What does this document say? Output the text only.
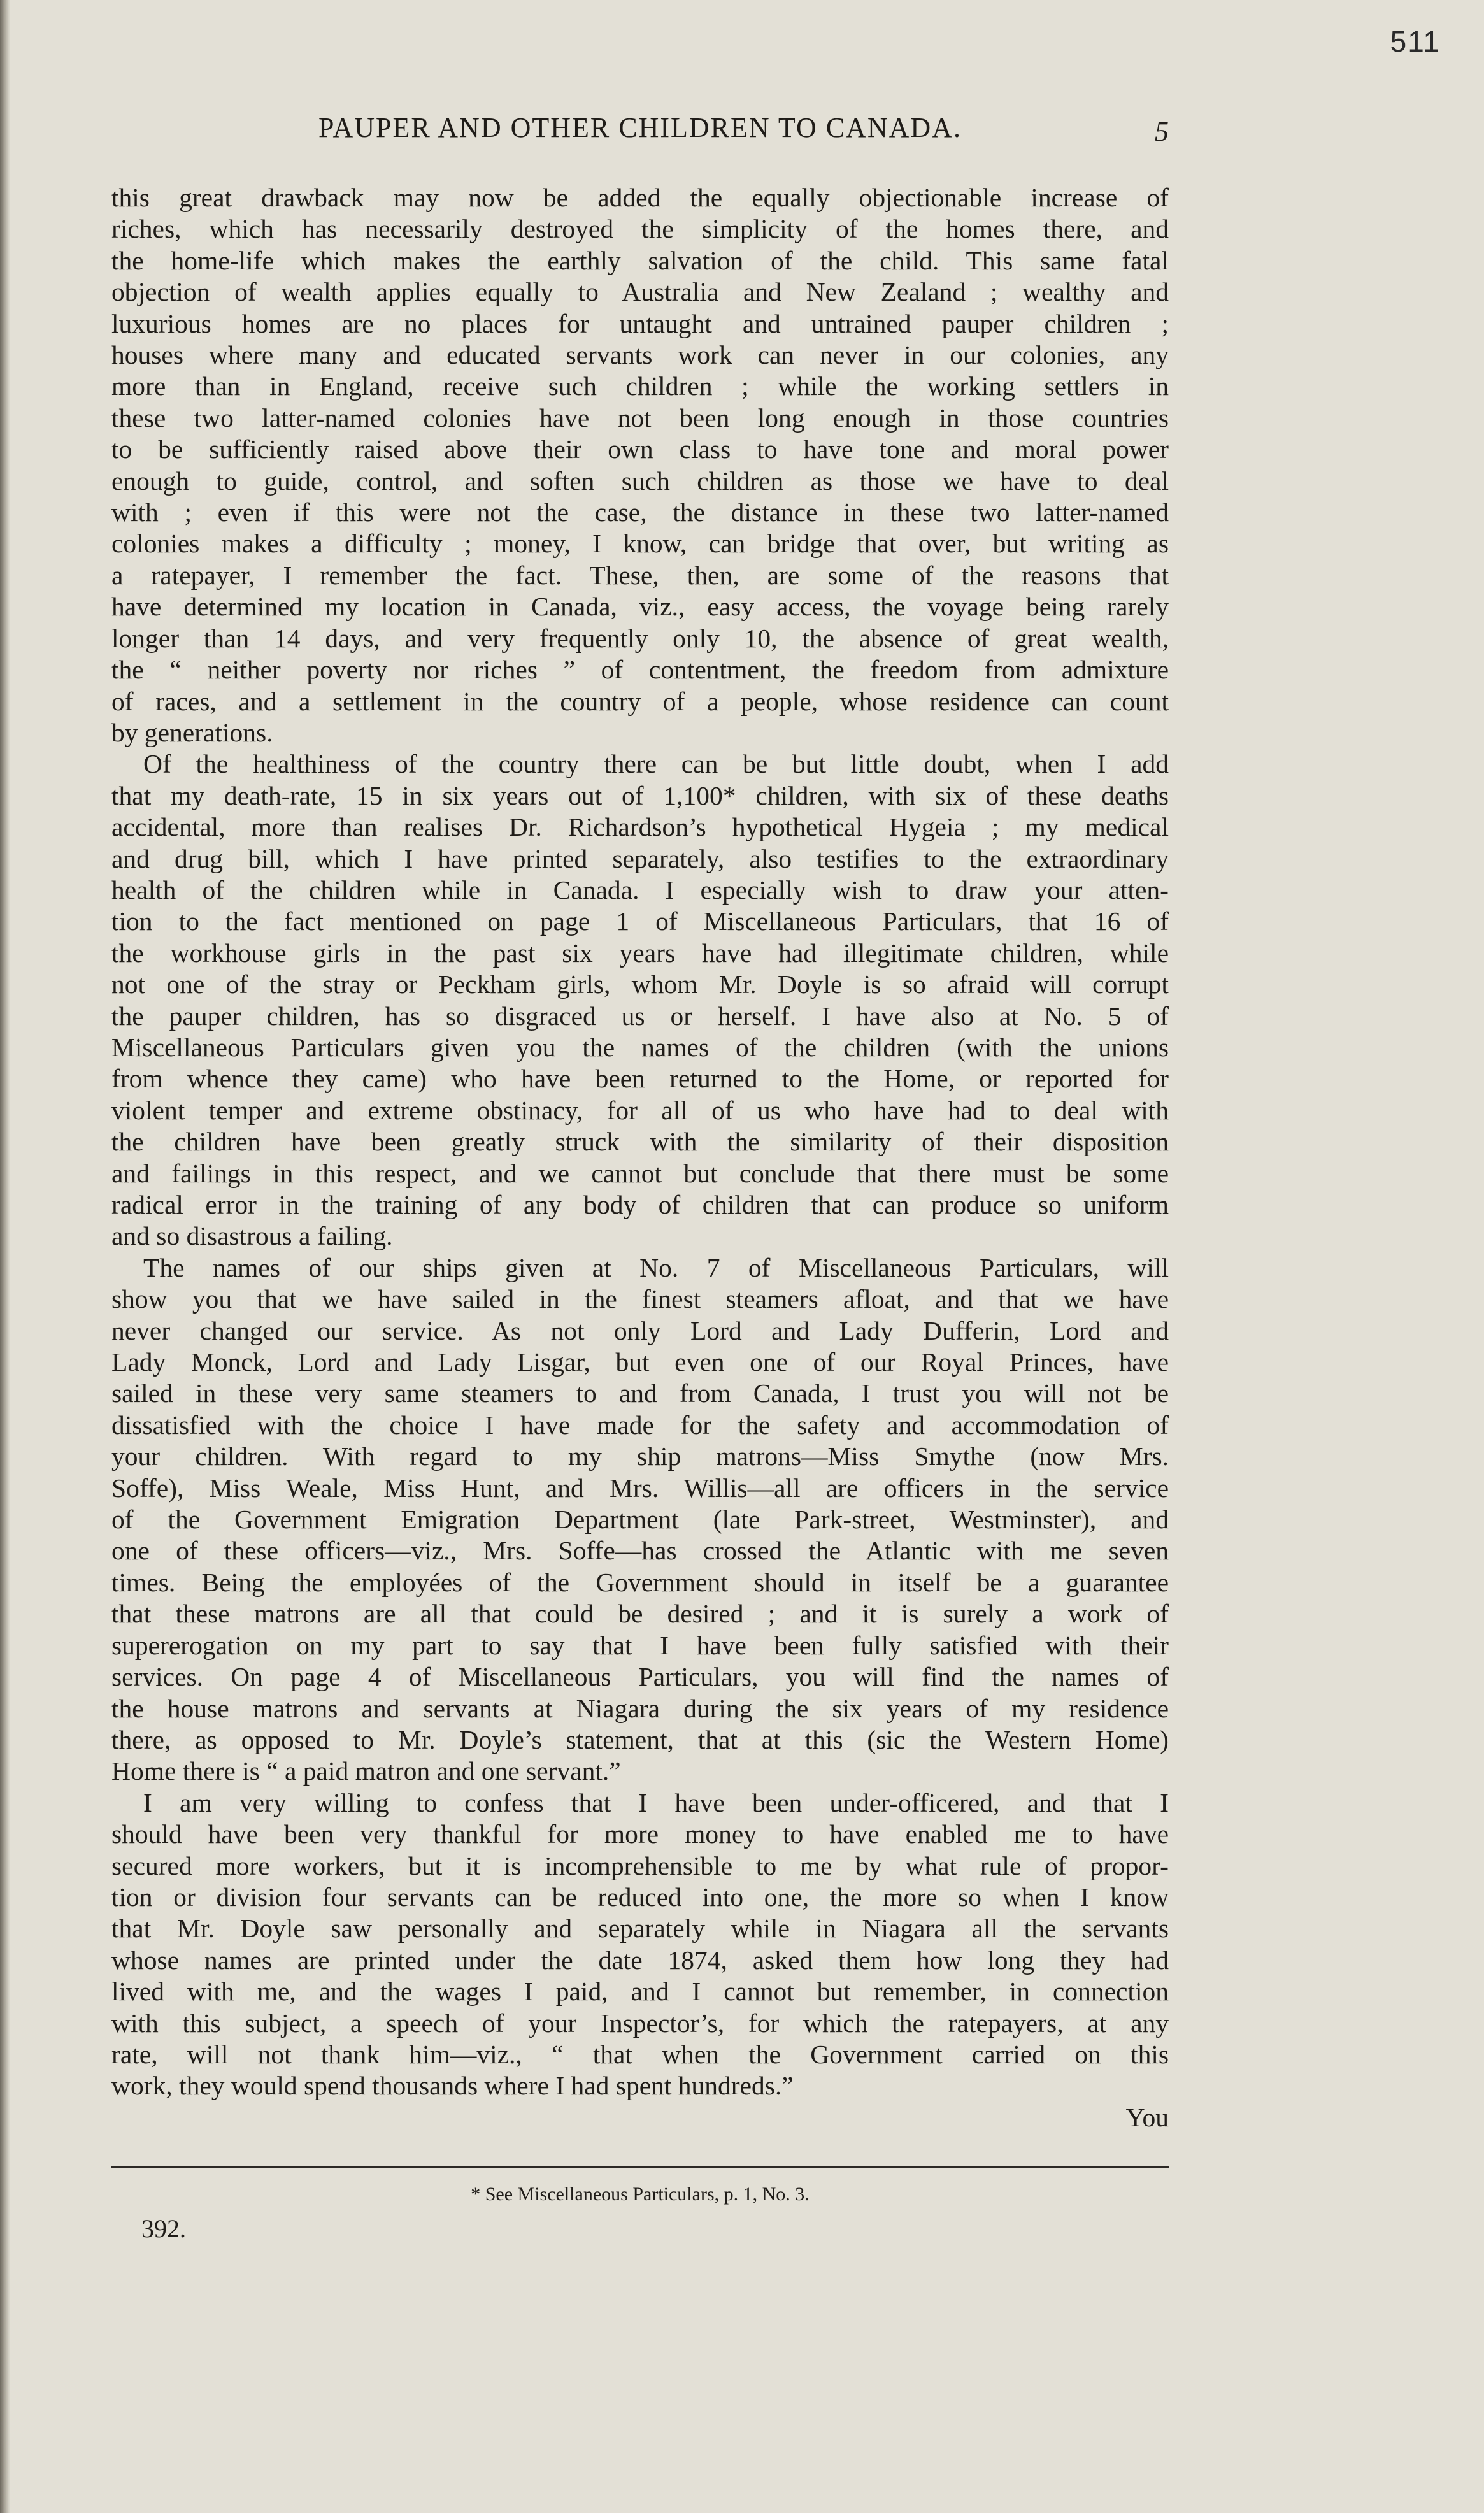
511
PAUPER AND OTHER CHILDREN TO CANADA.	5
this great drawback may now be added the equally objectionable increase of
riches, which has necessarily destroyed the simplicity of the homes there, and
the home-life which makes the earthly salvation of the child. This same fatal
objection of wealth applies equally to Australia and New Zealand ; wealthy and
luxurious homes are no places for untaught and untrained pauper children ;
houses where many and educated servants work can never in our colonies, any
more than in England, receive such children ; while the working settlers in
these two latter-named colonies have not been long enough in those countries
to be sufficiently raised above their own class to have tone and moral power
enough to guide, control, and soften such children as those we have to deal
with ; even if this were not the case, the distance in these two latter-named
colonies makes a difficulty ; money, I know, can bridge that over, but writing as
a ratepayer, I remember the fact. These, then, are some of the reasons that
have determined my location in Canada, viz., easy access, the voyage being rarely
longer than 14 days, and very frequently only 10, the absence of great wealth,
the “ neither poverty nor riches ” of contentment, the freedom from admixture
of races, and a settlement in the country of a people, whose residence can count
by generations.
Of the healthiness of the country there can be but little doubt, when I add
that my death-rate, 15 in six years out of 1,100* children, with six of these deaths
accidental, more than realises Dr. Richardson’s hypothetical Hygeia ; my medical
and drug bill, which I have printed separately, also testifies to the extraordinary
health of the children while in Canada. I especially wish to draw your atten-
tion to the fact mentioned on page 1 of Miscellaneous Particulars, that 16 of
the workhouse girls in the past six years have had illegitimate children, while
not one of the stray or Peckham girls, whom Mr. Doyle is so afraid will corrupt
the pauper children, has so disgraced us or herself. I have also at No. 5 of
Miscellaneous Particulars given you the names of the children (with the unions
from whence they came) who have been returned to the Home, or reported for
violent temper and extreme obstinacy, for all of us who have had to deal with
the children have been greatly struck with the similarity of their disposition
and failings in this respect, and we cannot but conclude that there must be some
radical error in the training of any body of children that can produce so uniform
and so disastrous a failing.
The names of our ships given at No. 7 of Miscellaneous Particulars, will
show you that we have sailed in the finest steamers afloat, and that we have
never changed our service. As not only Lord and Lady Dufferin, Lord and
Lady Monck, Lord and Lady Lisgar, but even one of our Royal Princes, have
sailed in these very same steamers to and from Canada, I trust you will not be
dissatisfied with the choice I have made for the safety and accommodation of
your children. With regard to my ship matrons—Miss Smythe (now Mrs.
Soffe), Miss Weale, Miss Hunt, and Mrs. Willis—all are officers in the service
of the Government Emigration Department (late Park-street, Westminster), and
one of these officers—viz., Mrs. Soffe—has crossed the Atlantic with me seven
times. Being the employées of the Government should in itself be a guarantee
that these matrons are all that could be desired ; and it is surely a work of
supererogation on my part to say that I have been fully satisfied with their
services. On page 4 of Miscellaneous Particulars, you will find the names of
the house matrons and servants at Niagara during the six years of my residence
there, as opposed to Mr. Doyle’s statement, that at this (sic the Western Home)
Home there is “ a paid matron and one servant.”
I am very willing to confess that I have been under-officered, and that I
should have been very thankful for more money to have enabled me to have
secured more workers, but it is incomprehensible to me by what rule of propor-
tion or division four servants can be reduced into one, the more so when I know
that Mr. Doyle saw personally and separately while in Niagara all the servants
whose names are printed under the date 1874, asked them how long they had
lived with me, and the wages I paid, and I cannot but remember, in connection
with this subject, a speech of your Inspector’s, for which the ratepayers, at any
rate, will not thank him—viz., “ that when the Government carried on this
work, they would spend thousands where I had spent hundreds.”
You
* See Miscellaneous Particulars, p. 1, No. 3.
392.
